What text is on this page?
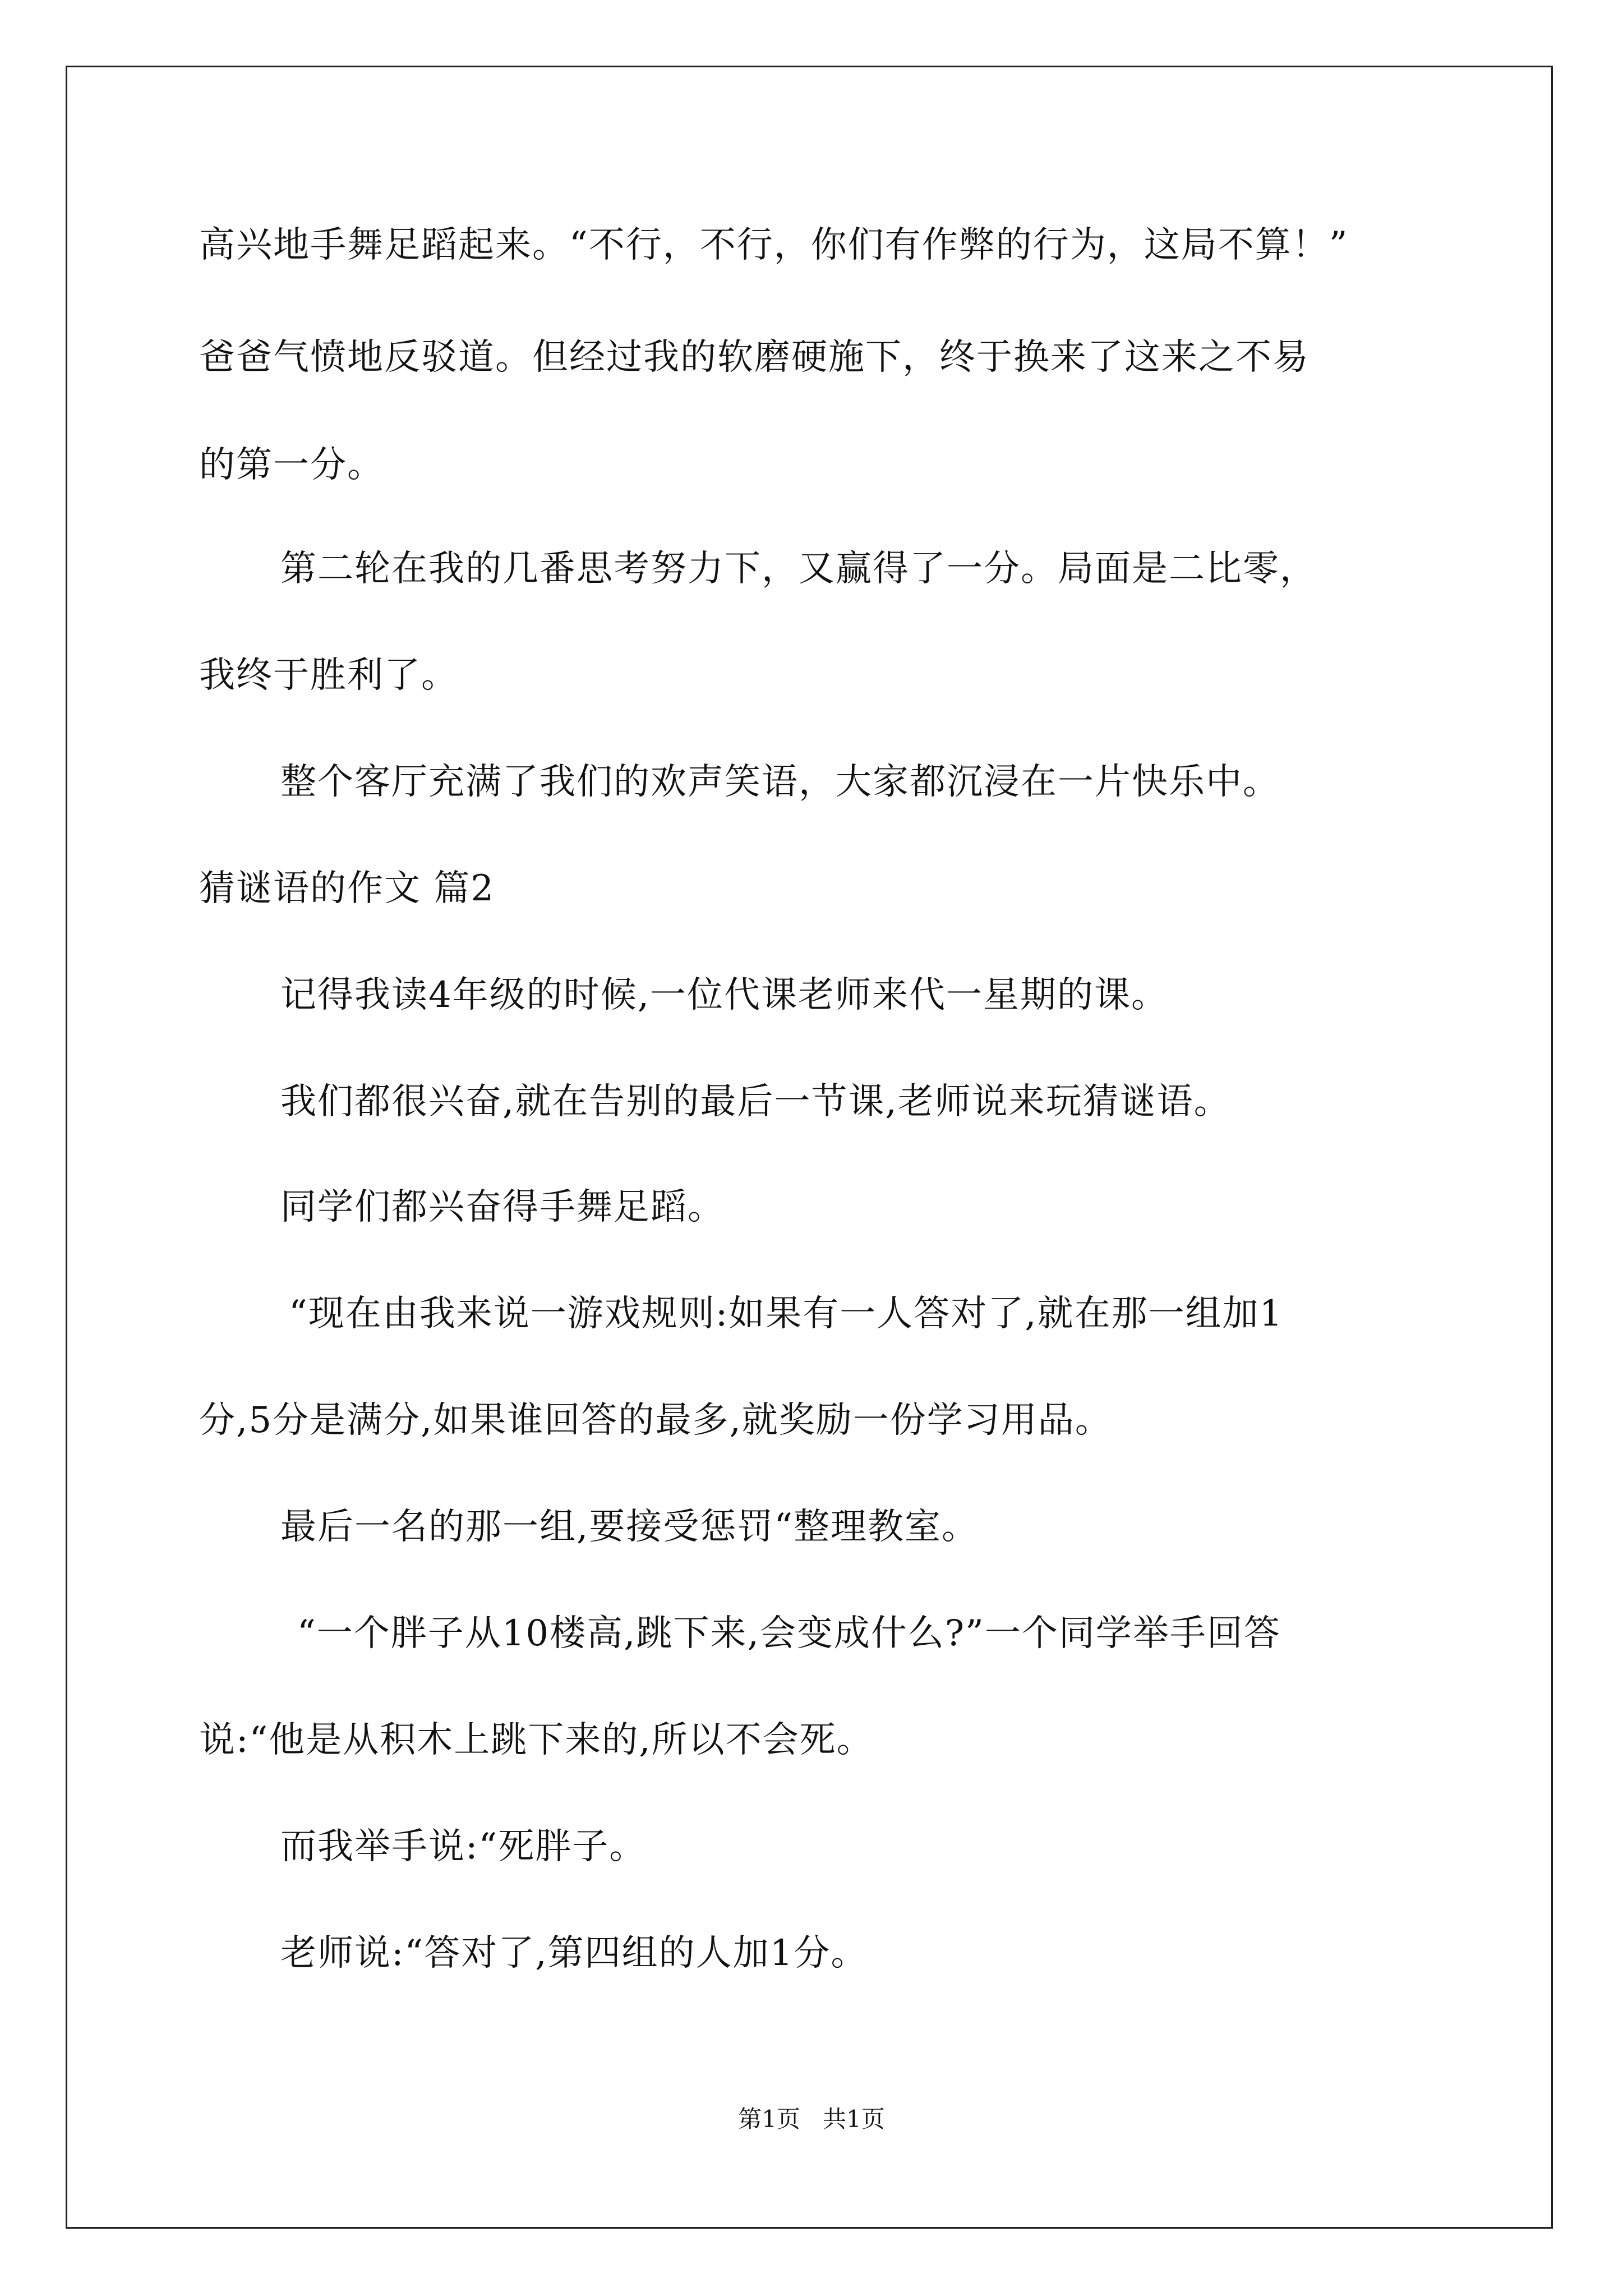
高兴地手舞足蹈起来。“不行，不行，你们有作弊的行为，这局不算！”
爸爸气愤地反驳道。但经过我的软磨硬施下，终于换来了这来之不易
的第一分。
第二轮在我的几番思考努力下，又赢得了一分。局面是二比零，
我终于胜利了。
整个客厅充满了我们的欢声笑语，大家都沉浸在一片快乐中。
猜谜语的作文 篇2
记得我读4年级的时候,一位代课老师来代一星期的课。
我们都很兴奋,就在告别的最后一节课,老师说来玩猜谜语。
同学们都兴奋得手舞足蹈。
“现在由我来说一游戏规则:如果有一人答对了,就在那一组加1
分,5分是满分,如果谁回答的最多,就奖励一份学习用品。
最后一名的那一组,要接受惩罚“整理教室。
“一个胖子从10楼高,跳下来,会变成什么?”一个同学举手回答
说:“他是从积木上跳下来的,所以不会死。
而我举手说:“死胖子。
老师说:“答对了,第四组的人加1分。
第1页   共1页
